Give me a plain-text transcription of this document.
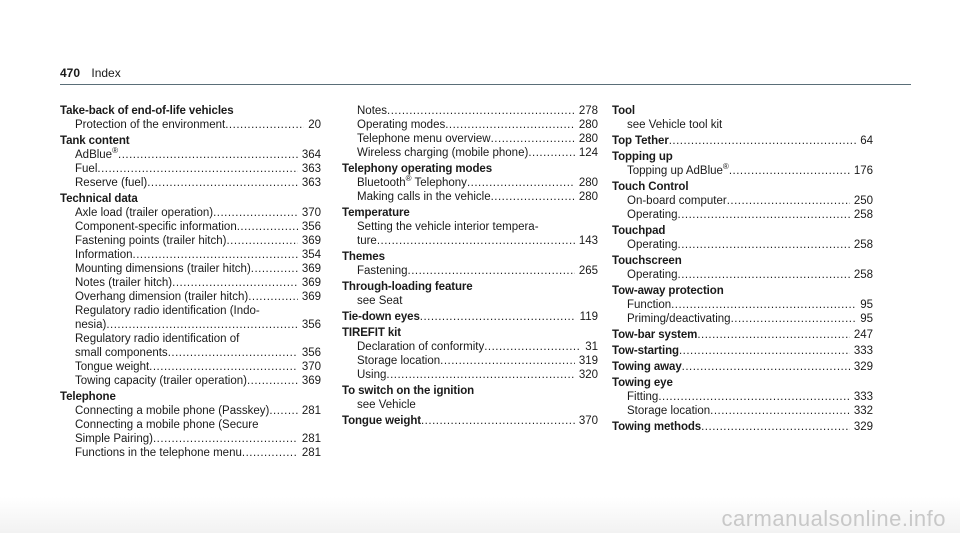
470 Index
Take-back of end-of-life vehicles
Protection of the environment .....	20
Tank content
AdBlue® .....	364
Fuel .....	363
Reserve (fuel) .....	363
Technical data
Axle load (trailer operation) .....	370
Component-specific information .....	356
Fastening points (trailer hitch) .....	369
Information .....	354
Mounting dimensions (trailer hitch) .....	369
Notes (trailer hitch) .....	369
Overhang dimension (trailer hitch) .....	369
Regulatory radio identification (Indo-
nesia) .....	356
Regulatory radio identification of
small components .....	356
Tongue weight .....	370
Towing capacity (trailer operation) .....	369
Telephone
Connecting a mobile phone (Passkey) .....	281
Connecting a mobile phone (Secure
Simple Pairing) .....	281
Functions in the telephone menu .....	281
Notes .....	278
Operating modes .....	280
Telephone menu overview .....	280
Wireless charging (mobile phone) .....	124
Telephony operating modes
Bluetooth® Telephony .....	280
Making calls in the vehicle .....	280
Temperature
Setting the vehicle interior tempera-
ture .....	143
Themes
Fastening .....	265
Through-loading feature
see Seat
Tie-down eyes .....	119
TIREFIT kit
Declaration of conformity .....	31
Storage location .....	319
Using .....	320
To switch on the ignition
see Vehicle
Tongue weight .....	370
Tool
see Vehicle tool kit
Top Tether .....	64
Topping up
Topping up AdBlue® .....	176
Touch Control
On-board computer .....	250
Operating .....	258
Touchpad
Operating .....	258
Touchscreen
Operating .....	258
Tow-away protection
Function .....	95
Priming/deactivating .....	95
Tow-bar system .....	247
Tow-starting .....	333
Towing away .....	329
Towing eye
Fitting .....	333
Storage location .....	332
Towing methods .....	329
carmanualsonline.info
